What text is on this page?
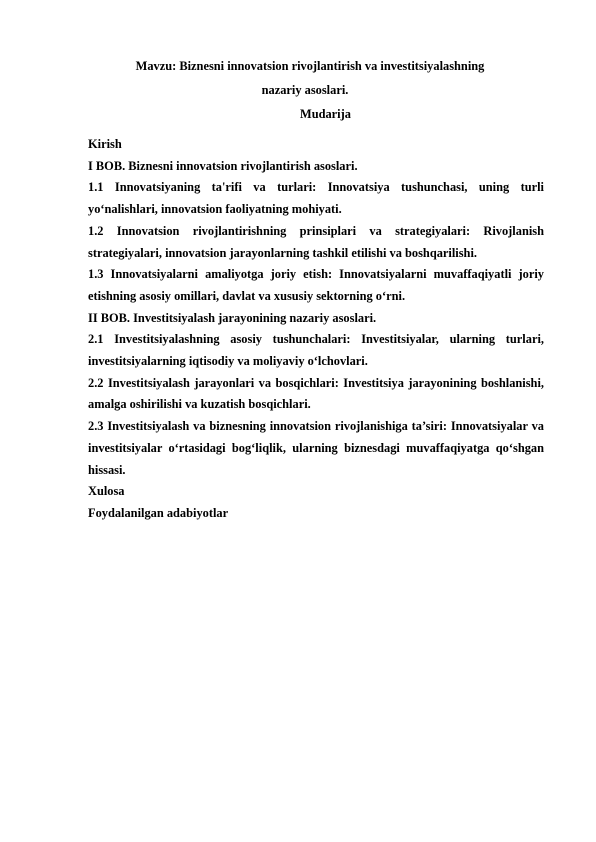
Mavzu: Biznesni innovatsion rivojlantirish va investitsiyalashning
nazariy asoslari.
Mudarija
Kirish
I BOB. Biznesni innovatsion rivojlantirish asoslari.
1.1 Innovatsiyaning ta'rifi va turlari: Innovatsiya tushunchasi, uning turli yo‘nalishlari, innovatsion faoliyatning mohiyati.
1.2 Innovatsion rivojlantirishning prinsiplari va strategiyalari: Rivojlanish strategiyalari, innovatsion jarayonlarning tashkil etilishi va boshqarilishi.
1.3 Innovatsiyalarni amaliyotga joriy etish: Innovatsiyalarni muvaffaqiyatli joriy etishning asosiy omillari, davlat va xususiy sektorning o‘rni.
II BOB. Investitsiyalash jarayonining nazariy asoslari.
2.1 Investitsiyalashning asosiy tushunchalari: Investitsiyalar, ularning turlari, investitsiyalarning iqtisodiy va moliyaviy o‘lchovlari.
2.2 Investitsiyalash jarayonlari va bosqichlari: Investitsiya jarayonining boshlanishi, amalga oshirilishi va kuzatish bosqichlari.
2.3 Investitsiyalash va biznesning innovatsion rivojlanishiga ta’siri: Innovatsiyalar va investitsiyalar o‘rtasidagi bog‘liqlik, ularning biznesdagi muvaffaqiyatga qo‘shgan hissasi.
Xulosa
Foydalanilgan adabiyotlar
